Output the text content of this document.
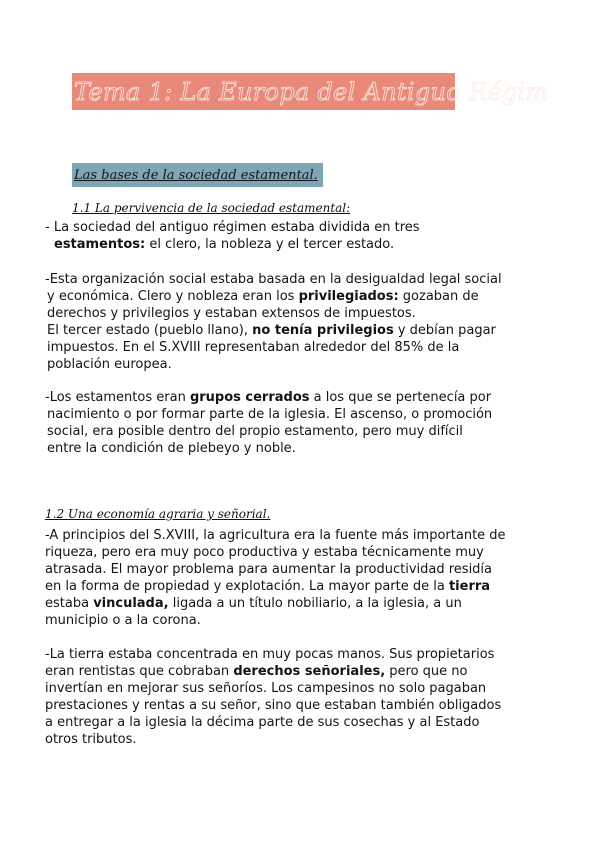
Tema 1: La Europa del Antiguo Régim
Las bases de la sociedad estamental.
1.1 La pervivencia de la sociedad estamental:
- La sociedad del antiguo régimen estaba dividida en tres
estamentos: el clero, la nobleza y el tercer estado.
-Esta organización social estaba basada en la desigualdad legal social
y económica. Clero y nobleza eran los privilegiados: gozaban de
derechos y privilegios y estaban extensos de impuestos.
El tercer estado (pueblo llano), no tenía privilegios y debían pagar
impuestos. En el S.XVIII representaban alrededor del 85% de la
población europea.
-Los estamentos eran grupos cerrados a los que se pertenecía por
nacimiento o por formar parte de la iglesia. El ascenso, o promoción
social, era posible dentro del propio estamento, pero muy difícil
entre la condición de plebeyo y noble.
1.2 Una economía agraria y señorial.
-A principios del S.XVIII, la agricultura era la fuente más importante de
riqueza, pero era muy poco productiva y estaba técnicamente muy
atrasada. El mayor problema para aumentar la productividad residía
en la forma de propiedad y explotación. La mayor parte de la tierra
estaba vinculada, ligada a un título nobiliario, a la iglesia, a un
municipio o a la corona.
-La tierra estaba concentrada en muy pocas manos. Sus propietarios
eran rentistas que cobraban derechos señoriales, pero que no
invertían en mejorar sus señoríos. Los campesinos no solo pagaban
prestaciones y rentas a su señor, sino que estaban también obligados
a entregar a la iglesia la décima parte de sus cosechas y al Estado
otros tributos.
